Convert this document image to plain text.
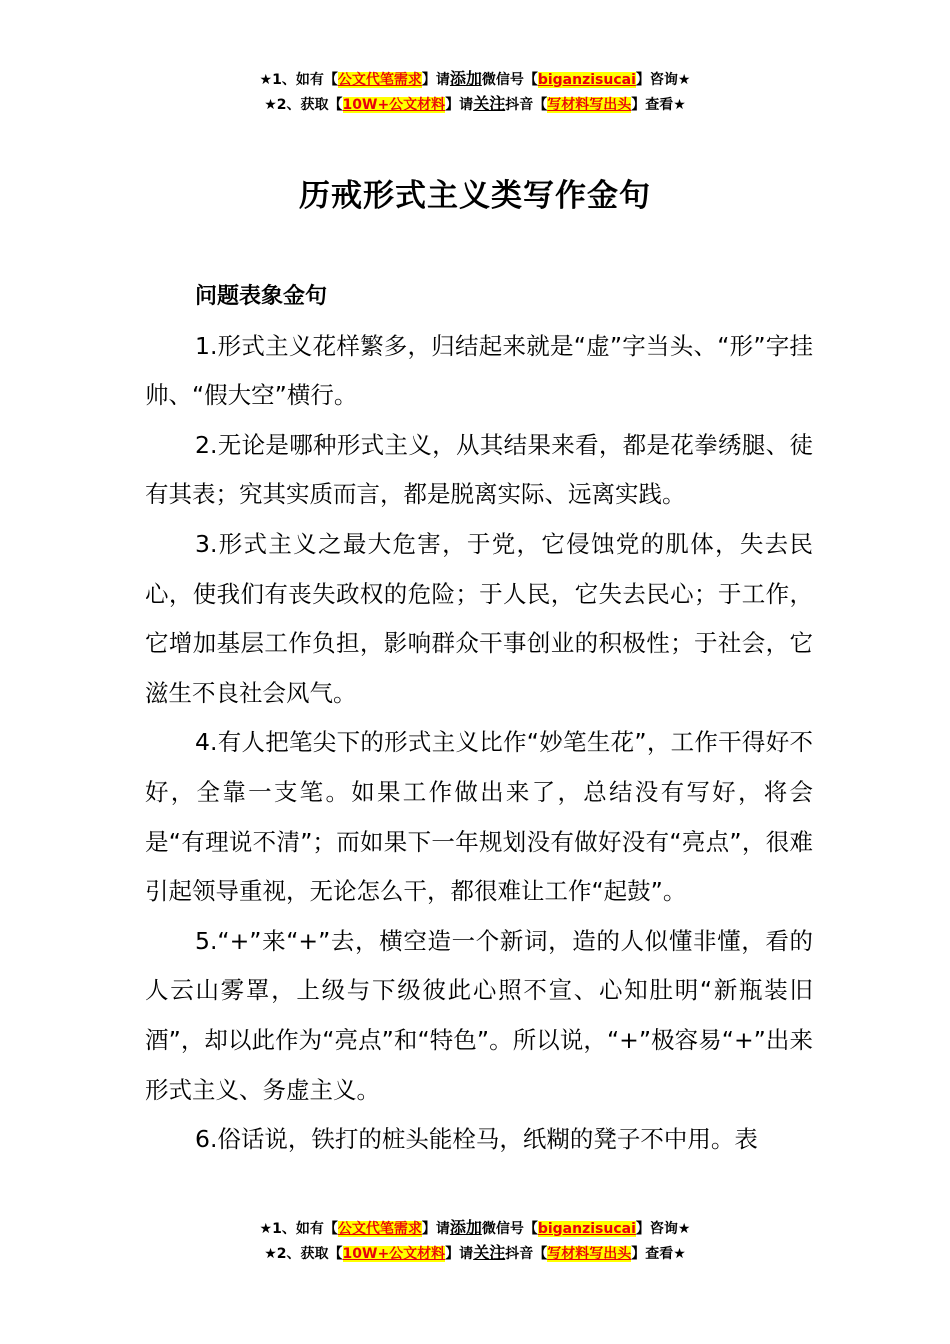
★1、如有【公文代笔需求】请添加微信号【biganzisucai】咨询★
★2、获取【10W+公文材料】请关注抖音【写材料写出头】查看★
历戒形式主义类写作金句

问题表象金句

1.形式主义花样繁多，归结起来就是“虚”字当头、“形”字挂帅、“假大空”横行。

2.无论是哪种形式主义，从其结果来看，都是花拳绣腿、徒有其表；究其实质而言，都是脱离实际、远离实践。

3.形式主义之最大危害，于党，它侵蚀党的肌体，失去民心，使我们有丧失政权的危险；于人民，它失去民心；于工作，它增加基层工作负担，影响群众干事创业的积极性；于社会，它滋生不良社会风气。

4.有人把笔尖下的形式主义比作“妙笔生花”，工作干得好不好，全靠一支笔。如果工作做出来了，总结没有写好，将会是“有理说不清”；而如果下一年规划没有做好没有“亮点”，很难引起领导重视，无论怎么干，都很难让工作“起鼓”。

5.“+”来“+”去，横空造一个新词，造的人似懂非懂，看的人云山雾罩，上级与下级彼此心照不宣、心知肚明“新瓶装旧酒”，却以此作为“亮点”和“特色”。所以说，“+”极容易“+”出来形式主义、务虚主义。

6.俗话说，铁打的桩头能栓马，纸糊的凳子不中用。表

★1、如有【公文代笔需求】请添加微信号【biganzisucai】咨询★
★2、获取【10W+公文材料】请关注抖音【写材料写出头】查看★
